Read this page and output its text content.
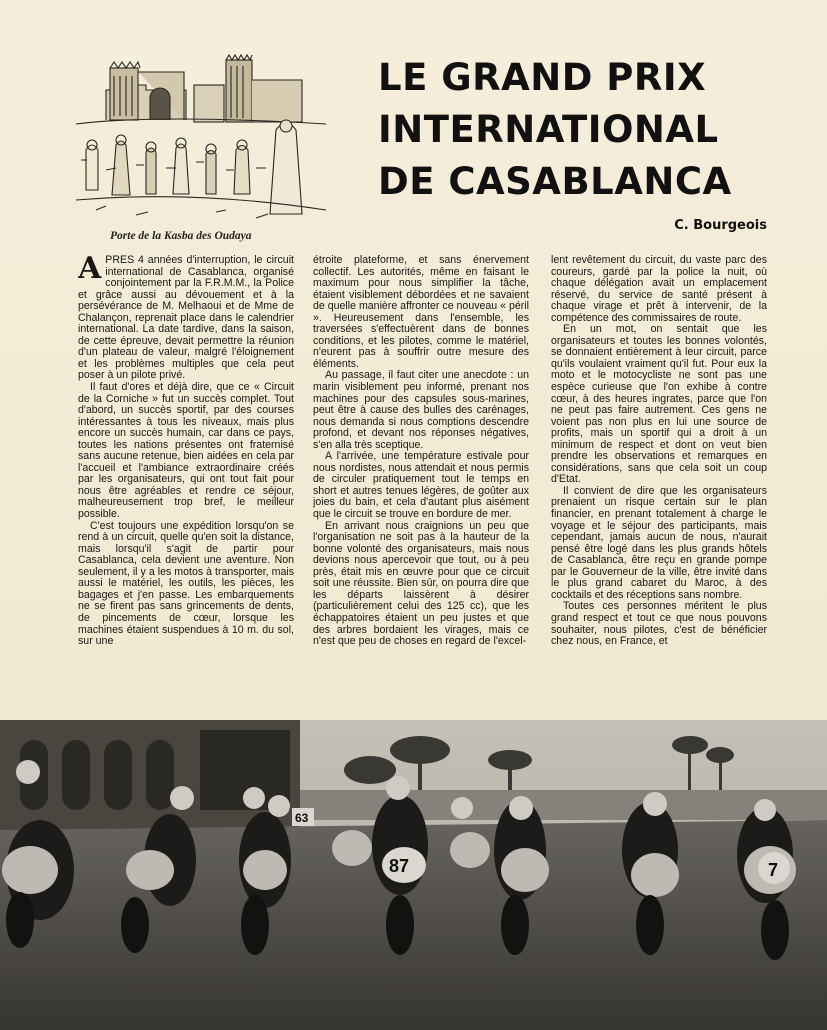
Porte de la Kasba des Oudaya
LE GRAND PRIX
INTERNATIONAL
DE CASABLANCA
C. Bourgeois

APRES 4 années d'interruption, le circuit international de Casablanca, organisé conjointement par la F.R.M.M., la Police et grâce aussi au dévouement et à la persévérance de M. Melhaoui et de Mme de Chalançon, reprenait place dans le calendrier international. La date tardive, dans la saison, de cette épreuve, devait permettre la réunion d'un plateau de valeur, malgré l'éloignement et les problèmes multiples que cela peut poser à un pilote privé.

Il faut d'ores et déjà dire, que ce « Circuit de la Corniche » fut un succès complet. Tout d'abord, un succès sportif, par des courses intéressantes à tous les niveaux, mais plus encore un succès humain, car dans ce pays, toutes les nations présentes ont fraternisé sans aucune retenue, bien aidées en cela par l'accueil et l'ambiance extraordinaire créés par les organisateurs, qui ont tout fait pour nous être agréables et rendre ce séjour, malheureusement trop bref, le meilleur possible.

C'est toujours une expédition lorsqu'on se rend à un circuit, quelle qu'en soit la distance, mais lorsqu'il s'agit de partir pour Casablanca, cela devient une aventure. Non seulement, il y a les motos à transporter, mais aussi le matériel, les outils, les pièces, les bagages et j'en passe. Les embarquements ne se firent pas sans grincements de dents, de pincements de cœur, lorsque les machines étaient suspendues à 10 m. du sol, sur une

étroite plateforme, et sans énervement collectif. Les autorités, même en faisant le maximum pour nous simplifier la tâche, étaient visiblement débordées et ne savaient de quelle manière affronter ce nouveau « péril ». Heureusement dans l'ensemble, les traversées s'effectuèrent dans de bonnes conditions, et les pilotes, comme le matériel, n'eurent pas à souffrir outre mesure des éléments.

Au passage, il faut citer une anecdote : un marin visiblement peu informé, prenant nos machines pour des capsules sous-marines, peut être à cause des bulles des carénages, nous demanda si nous comptions descendre profond, et devant nos réponses négatives, s'en alla très sceptique.

A l'arrivée, une température estivale pour nous nordistes, nous attendait et nous permis de circuler pratiquement tout le temps en short et autres tenues légères, de goûter aux joies du bain, et cela d'autant plus aisément que le circuit se trouve en bordure de mer.

En arrivant nous craignions un peu que l'organisation ne soit pas à la hauteur de la bonne volonté des organisateurs, mais nous devions nous apercevoir que tout, ou à peu près, était mis en œuvre pour que ce circuit soit une réussite. Bien sûr, on pourra dire que les départs laissèrent à désirer (particulièrement celui des 125 cc), que les échappatoires étaient un peu justes et que des arbres bordaient les virages, mais ce n'est que peu de choses en regard de l'excel-

lent revêtement du circuit, du vaste parc des coureurs, gardé par la police la nuit, où chaque délégation avait un emplacement réservé, du service de santé présent à chaque virage et prêt à intervenir, de la compétence des commissaires de route.

En un mot, on sentait que les organisateurs et toutes les bonnes volontés, se donnaient entièrement à leur circuit, parce qu'ils voulaient vraiment qu'il fut. Pour eux la moto et le motocycliste ne sont pas une espèce curieuse que l'on exhibe à contre cœur, à des heures ingrates, parce que l'on ne peut pas faire autrement. Ces gens ne voient pas non plus en lui une source de profits, mais un sportif qui a droit à un minimum de respect et dont on veut bien prendre les observations et remarques en considérations, sans que cela soit un coup d'Etat.

Il convient de dire que les organisateurs prenaient un risque certain sur le plan financier, en prenant totalement à charge le voyage et le séjour des participants, mais cependant, jamais aucun de nous, n'aurait pensé être logé dans les plus grands hôtels de Casablanca, être reçu en grande pompe par le Gouverneur de la ville, être invité dans le plus grand cabaret du Maroc, à des cocktails et des réceptions sans nombre.

Toutes ces personnes méritent le plus grand respect et tout ce que nous pouvons souhaiter, nous pilotes, c'est de bénéficier chez nous, en France, et

63
87	7
